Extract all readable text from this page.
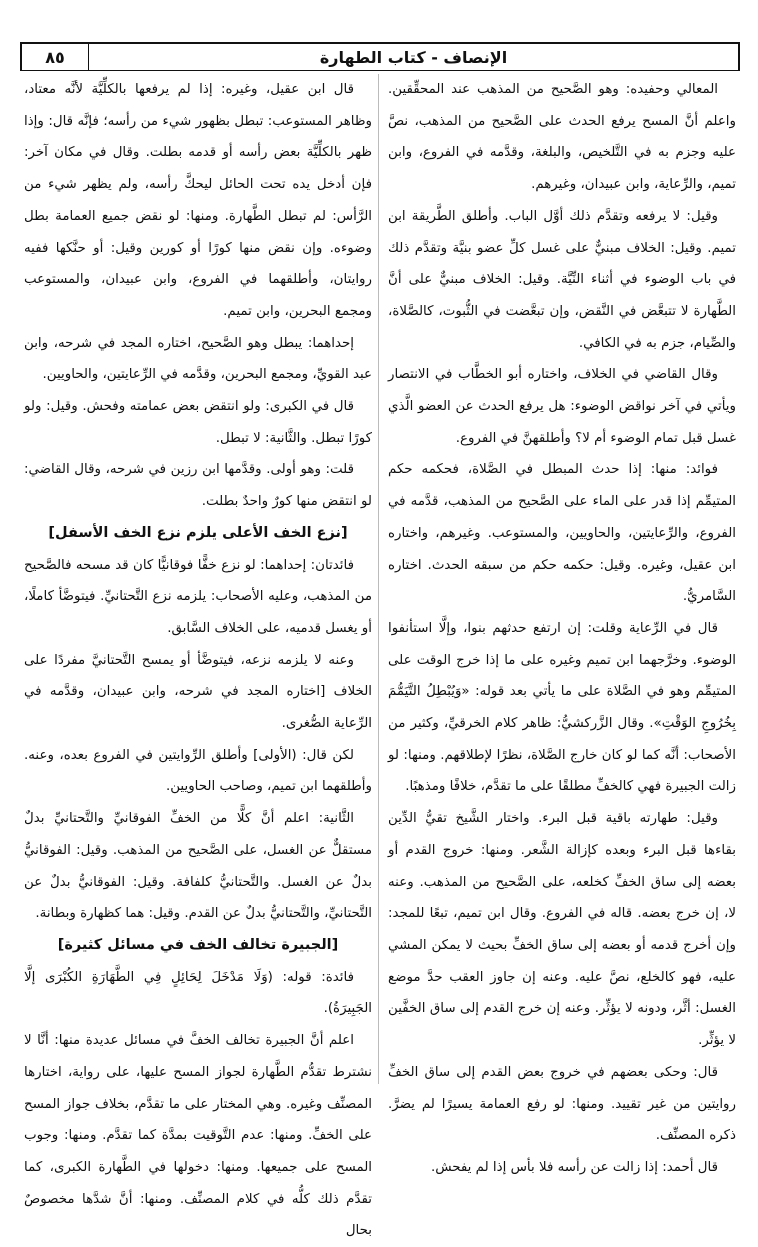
٨٥	الإنصاف - كتاب الطهارة

المعالي وحفيده: وهو الصَّحيح من المذهب عند المحقِّقين. واعلم أنَّ المسح يرفع الحدث على الصَّحيح من المذهب، نصَّ عليه وجزم به في التَّلخيص، والبلغة، وقدَّمه في الفروع، وابن تميم، والرِّعاية، وابن عبيدان، وغيرهم.

وقيل: لا يرفعه وتقدَّم ذلك أوَّل الباب. وأطلق الطَّريقة ابن تميم. وقيل: الخلاف مبنيٌّ على غسل كلِّ عضو بنيَّة وتقدَّم ذلك في باب الوضوء في أثناء النِّيَّة. وقيل: الخلاف مبنيٌّ على أنَّ الطَّهارة لا تتبعَّض في النَّقض، وإن تبعَّضت في الثُّبوت، كالصَّلاة، والصِّيام، جزم به في الكافي.

وقال القاضي في الخلاف، واختاره أبو الخطَّاب في الانتصار ويأتي في آخر نواقض الوضوء: هل يرفع الحدث عن العضو الَّذي غسل قبل تمام الوضوء أم لا؟ وأطلقهنَّ في الفروع.

فوائد: منها: إذا حدث المبطل في الصَّلاة، فحكمه حكم المتيمِّم إذا قدر على الماء على الصَّحيح من المذهب، قدَّمه في الفروع، والرِّعايتين، والحاويين، والمستوعب. وغيرهم، واختاره ابن عقيل، وغيره. وقيل: حكمه حكم من سبقه الحدث. اختاره السَّامريُّ.

قال في الرِّعاية وقلت: إن ارتفع حدثهم بنوا، وإلَّا استأنفوا الوضوء. وخرَّجهما ابن تميم وغيره على ما إذا خرج الوقت على المتيمِّم وهو في الصَّلاة على ما يأتي بعد قوله: «وَيُبْطِلُ التَّيَمُّمَ بِخُرُوجِ الوَقْتِ». وقال الزَّركشيُّ: ظاهر كلام الخرقيِّ، وكثير من الأصحاب: أنَّه كما لو كان خارج الصَّلاة، نظرًا لإطلاقهم. ومنها: لو زالت الجبيرة فهي كالخفِّ مطلقًا على ما تقدَّم، خلافًا ومذهبًا.

وقيل: طهارته باقية قبل البرء. واختار الشَّيخ تقيُّ الدِّين بقاءها قبل البرء وبعده كإزالة الشَّعر. ومنها: خروج القدم أو بعضه إلى ساق الخفِّ كخلعه، على الصَّحيح من المذهب. وعنه لا، إن خرج بعضه. قاله في الفروع. وقال ابن تميم، تبعًا للمجد: وإن أخرج قدمه أو بعضه إلى ساق الخفِّ بحيث لا يمكن المشي عليه، فهو كالخلع، نصَّ عليه. وعنه إن جاوز العقب حدَّ موضع الغسل: أثَّر، ودونه لا يؤثِّر. وعنه إن خرج القدم إلى ساق الخفَّين لا يؤثِّر.

قال: وحكى بعضهم في خروج بعض القدم إلى ساق الخفِّ روايتين من غير تقييد. ومنها: لو رفع العمامة يسيرًا لم يضرَّ. ذكره المصنِّف.

قال أحمد: إذا زالت عن رأسه فلا بأس إذا لم يفحش.

قال ابن عقيل، وغيره: إذا لم يرفعها بالكلِّيَّة لأنَّه معتاد، وظاهر المستوعب: تبطل بظهور شيء من رأسه؛ فإنَّه قال: وإذا ظهر بالكلِّيَّة بعض رأسه أو قدمه بطلت. وقال في مكان آخر: فإن أدخل يده تحت الحائل ليحكَّ رأسه، ولم يظهر شيء من الرَّأس: لم تبطل الطَّهارة. ومنها: لو نقض جميع العمامة بطل وضوءه. وإن نقض منها كورًا أو كورين وقيل: أو حنَّكها ففيه روايتان، وأطلقهما في الفروع، وابن عبيدان، والمستوعب ومجمع البحرين، وابن تميم.

إحداهما: يبطل وهو الصَّحيح، اختاره المجد في شرحه، وابن عبد القويِّ، ومجمع البحرين، وقدَّمه في الرِّعايتين، والحاويين.

قال في الكبرى: ولو انتقض بعض عمامته وفحش. وقيل: ولو كورًا تبطل. والثَّانية: لا تبطل.

قلت: وهو أولى. وقدَّمها ابن رزين في شرحه، وقال القاضي: لو انتقض منها كورٌ واحدٌ بطلت.

[نزع الخف الأعلى يلزم نزع الخف الأسفل]

فائدتان: إحداهما: لو نزع خفًّا فوقانيًّا كان قد مسحه فالصَّحيح من المذهب، وعليه الأصحاب: يلزمه نزع التَّحتانيِّ. فيتوضَّأ كاملًا، أو يغسل قدميه، على الخلاف السَّابق.

وعنه لا يلزمه نزعه، فيتوضَّأ أو يمسح التَّحتانيَّ مفردًا على الخلاف [اختاره المجد في شرحه، وابن عبيدان، وقدَّمه في الرِّعاية الصُّغرى.

لكن قال: (الأولى] وأطلق الرِّوايتين في الفروع بعده، وعنه. وأطلقهما ابن تميم، وصاحب الحاويين.

الثَّانية: اعلم أنَّ كلًّا من الخفِّ الفوقانيِّ والتَّحتانيِّ بدلٌ مستقلٌّ عن الغسل، على الصَّحيح من المذهب. وقيل: الفوقانيُّ بدلٌ عن الغسل. والتَّحتانيُّ كلفافة. وقيل: الفوقانيُّ بدلٌ عن التَّحتانيِّ، والتَّحتانيُّ بدلٌ عن القدم. وقيل: هما كظهارة وبطانة.

[الجبيرة تخالف الخف في مسائل كثيرة]

فائدة: قوله: (وَلَا مَدْخَلَ لِحَائِلٍ فِي الطَّهَارَةِ الكُبْرَى إلَّا الجَبِيرَةُ).

اعلم أنَّ الجبيرة تخالف الخفَّ في مسائل عديدة منها: أنَّا لا نشترط تقدُّم الطَّهارة لجواز المسح عليها، على رواية، اختارها المصنِّف وغيره. وهي المختار على ما تقدَّم، بخلاف جواز المسح على الخفِّ. ومنها: عدم التَّوقيت بمدَّة كما تقدَّم. ومنها: وجوب المسح على جميعها. ومنها: دخولها في الطَّهارة الكبرى، كما تقدَّم ذلك كلُّه في كلام المصنِّف. ومنها: أنَّ شدَّها مخصوصٌ بحال
